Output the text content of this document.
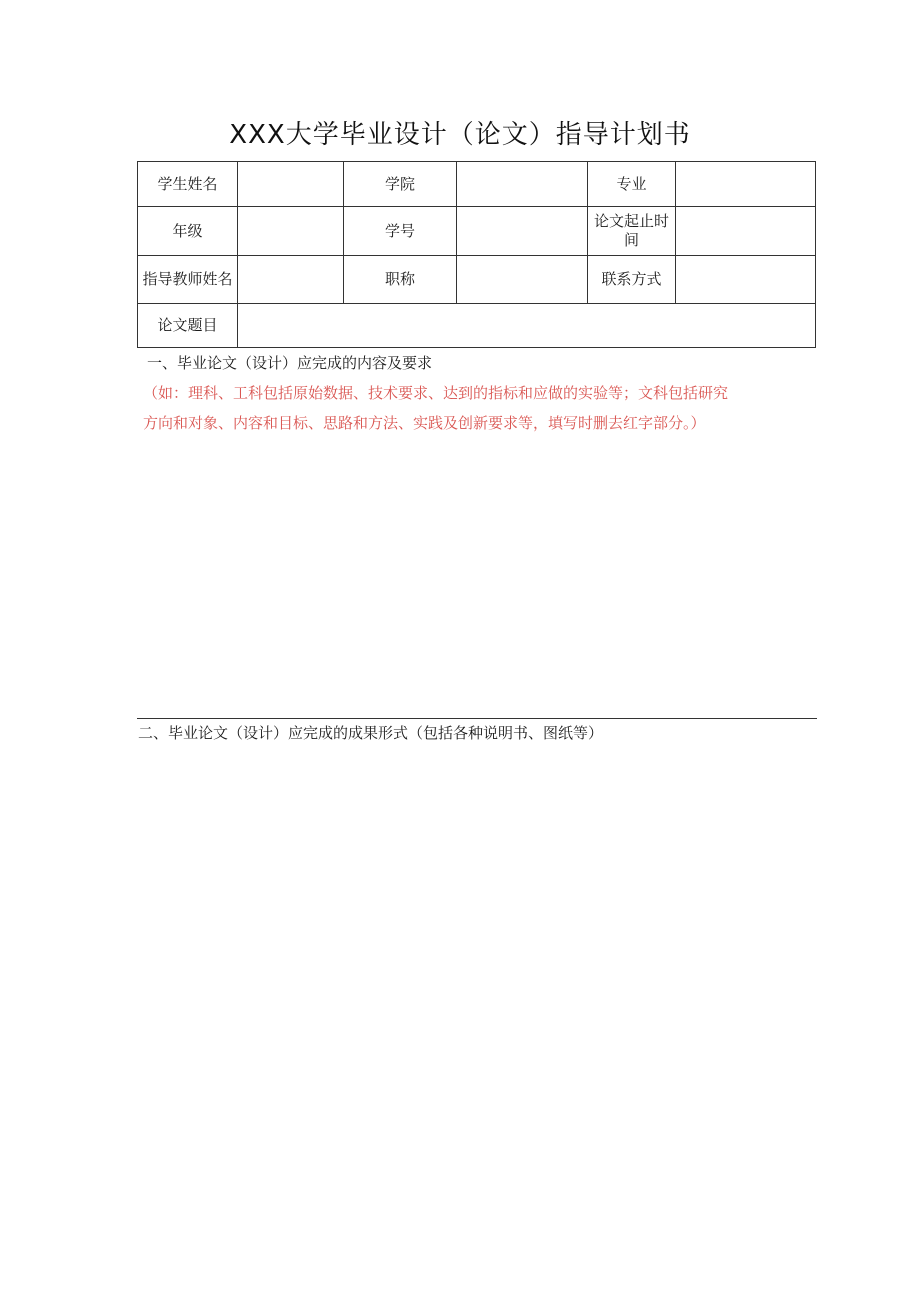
XXX大学毕业设计（论文）指导计划书
学生姓名		学院		专业	
年级		学号		论文起止时间	
指导教师姓名		职称		联系方式	
论文题目					
一、毕业论文（设计）应完成的内容及要求
（如：理科、工科包括原始数据、技术要求、达到的指标和应做的实验等；文科包括研究
方向和对象、内容和目标、思路和方法、实践及创新要求等，填写时删去红字部分。）
二、毕业论文（设计）应完成的成果形式（包括各种说明书、图纸等）
